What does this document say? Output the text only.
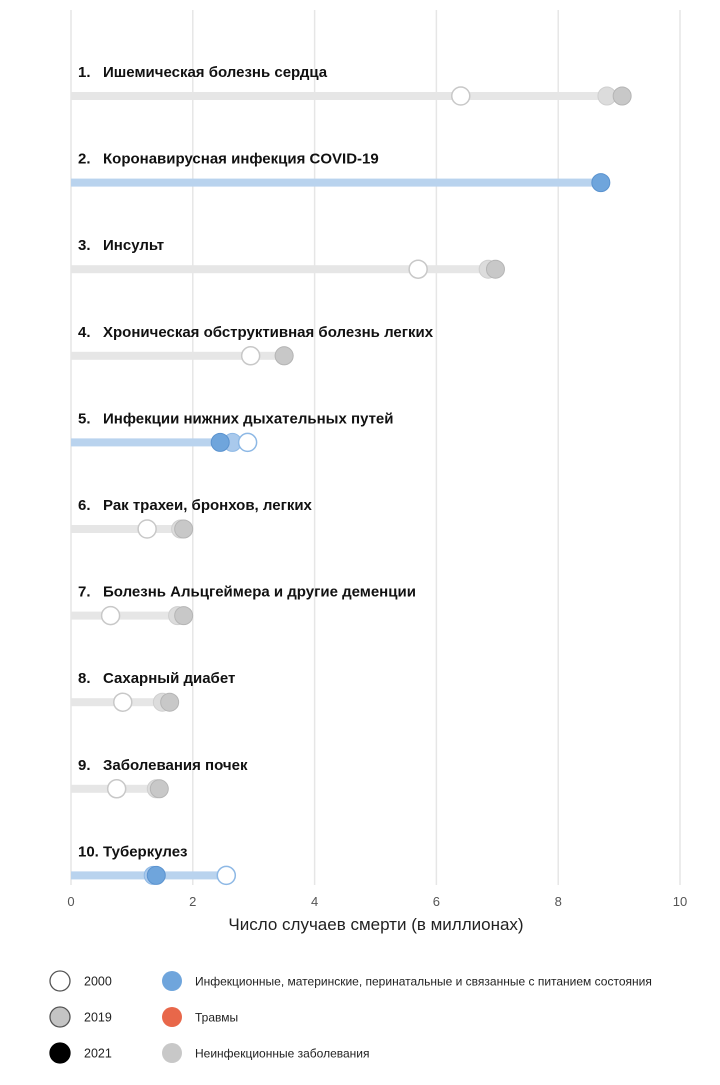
1.   Ишемическая болезнь сердца
2.   Коронавирусная инфекция COVID-19
3.   Инсульт
4.   Хроническая обструктивная болезнь легких
5.   Инфекции нижних дыхательных путей
6.   Рак трахеи, бронхов, легких
7.   Болезнь Альцгеймера и другие деменции
8.   Сахарный диабет
9.   Заболевания почек
10. Туберкулез
Число случаев смерти (в миллионах)
0	2	4	6	8	10
2000
2019
2021
Инфекционные, материнские, перинатальные и связанные с питанием состояния
Травмы
Неинфекционные заболевания
